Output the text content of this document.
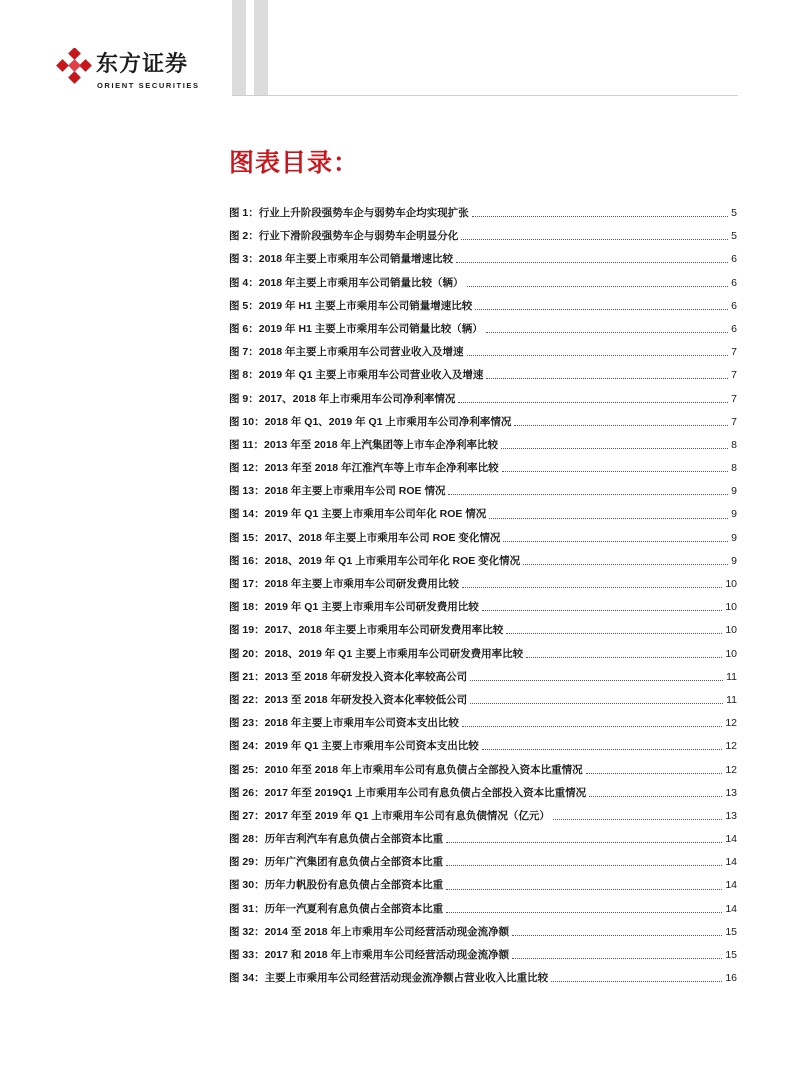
东方证券
ORIENT SECURITIES
图表目录：
图 1：行业上升阶段强势车企与弱势车企均实现扩张	5
图 2：行业下滑阶段强势车企与弱势车企明显分化	5
图 3：2018 年主要上市乘用车公司销量增速比较	6
图 4：2018 年主要上市乘用车公司销量比较（辆）	6
图 5：2019 年 H1 主要上市乘用车公司销量增速比较	6
图 6：2019 年 H1 主要上市乘用车公司销量比较（辆）	6
图 7：2018 年主要上市乘用车公司营业收入及增速	7
图 8：2019 年 Q1 主要上市乘用车公司营业收入及增速	7
图 9：2017、2018 年上市乘用车公司净利率情况	7
图 10：2018 年 Q1、2019 年 Q1 上市乘用车公司净利率情况	7
图 11：2013 年至 2018 年上汽集团等上市车企净利率比较	8
图 12：2013 年至 2018 年江淮汽车等上市车企净利率比较	8
图 13：2018 年主要上市乘用车公司 ROE 情况	9
图 14：2019 年 Q1 主要上市乘用车公司年化 ROE 情况	9
图 15：2017、2018 年主要上市乘用车公司 ROE 变化情况	9
图 16：2018、2019 年 Q1 上市乘用车公司年化 ROE 变化情况	9
图 17：2018 年主要上市乘用车公司研发费用比较	10
图 18：2019 年 Q1 主要上市乘用车公司研发费用比较	10
图 19：2017、2018 年主要上市乘用车公司研发费用率比较	10
图 20：2018、2019 年 Q1 主要上市乘用车公司研发费用率比较	10
图 21：2013 至 2018 年研发投入资本化率较高公司	11
图 22：2013 至 2018 年研发投入资本化率较低公司	11
图 23：2018 年主要上市乘用车公司资本支出比较	12
图 24：2019 年 Q1 主要上市乘用车公司资本支出比较	12
图 25：2010 年至 2018 年上市乘用车公司有息负债占全部投入资本比重情况	12
图 26：2017 年至 2019Q1 上市乘用车公司有息负债占全部投入资本比重情况	13
图 27：2017 年至 2019 年 Q1 上市乘用车公司有息负债情况（亿元）	13
图 28：历年吉利汽车有息负债占全部资本比重	14
图 29：历年广汽集团有息负债占全部资本比重	14
图 30：历年力帆股份有息负债占全部资本比重	14
图 31：历年一汽夏利有息负债占全部资本比重	14
图 32：2014 至 2018 年上市乘用车公司经营活动现金流净额	15
图 33：2017 和 2018 年上市乘用车公司经营活动现金流净额	15
图 34：主要上市乘用车公司经营活动现金流净额占营业收入比重比较	16
